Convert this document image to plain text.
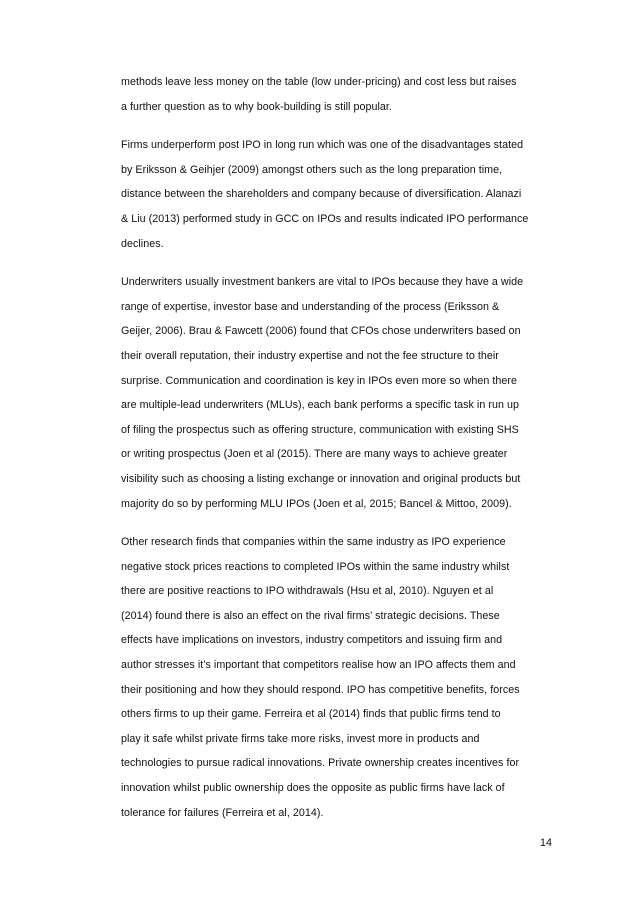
methods leave less money on the table (low under-pricing) and cost less but raises
a further question as to why book-building is still popular.
Firms underperform post IPO in long run which was one of the disadvantages stated
by Eriksson & Geihjer (2009) amongst others such as the long preparation time,
distance between the shareholders and company because of diversification. Alanazi
& Liu (2013) performed study in GCC on IPOs and results indicated IPO performance
declines.
Underwriters usually investment bankers are vital to IPOs because they have a wide
range of expertise, investor base and understanding of the process (Eriksson &
Geijer, 2006). Brau & Fawcett (2006) found that CFOs chose underwriters based on
their overall reputation, their industry expertise and not the fee structure to their
surprise. Communication and coordination is key in IPOs even more so when there
are multiple-lead underwriters (MLUs), each bank performs a specific task in run up
of filing the prospectus such as offering structure, communication with existing SHS
or writing prospectus (Joen et al (2015). There are many ways to achieve greater
visibility such as choosing a listing exchange or innovation and original products but
majority do so by performing MLU IPOs (Joen et al, 2015; Bancel & Mittoo, 2009).
Other research finds that companies within the same industry as IPO experience
negative stock prices reactions to completed IPOs within the same industry whilst
there are positive reactions to IPO withdrawals (Hsu et al, 2010). Nguyen et al
(2014) found there is also an effect on the rival firms’ strategic decisions. These
effects have implications on investors, industry competitors and issuing firm and
author stresses it’s important that competitors realise how an IPO affects them and
their positioning and how they should respond. IPO has competitive benefits, forces
others firms to up their game. Ferreira et al (2014) finds that public firms tend to
play it safe whilst private firms take more risks, invest more in products and
technologies to pursue radical innovations. Private ownership creates incentives for
innovation whilst public ownership does the opposite as public firms have lack of
tolerance for failures (Ferreira et al, 2014).
14
